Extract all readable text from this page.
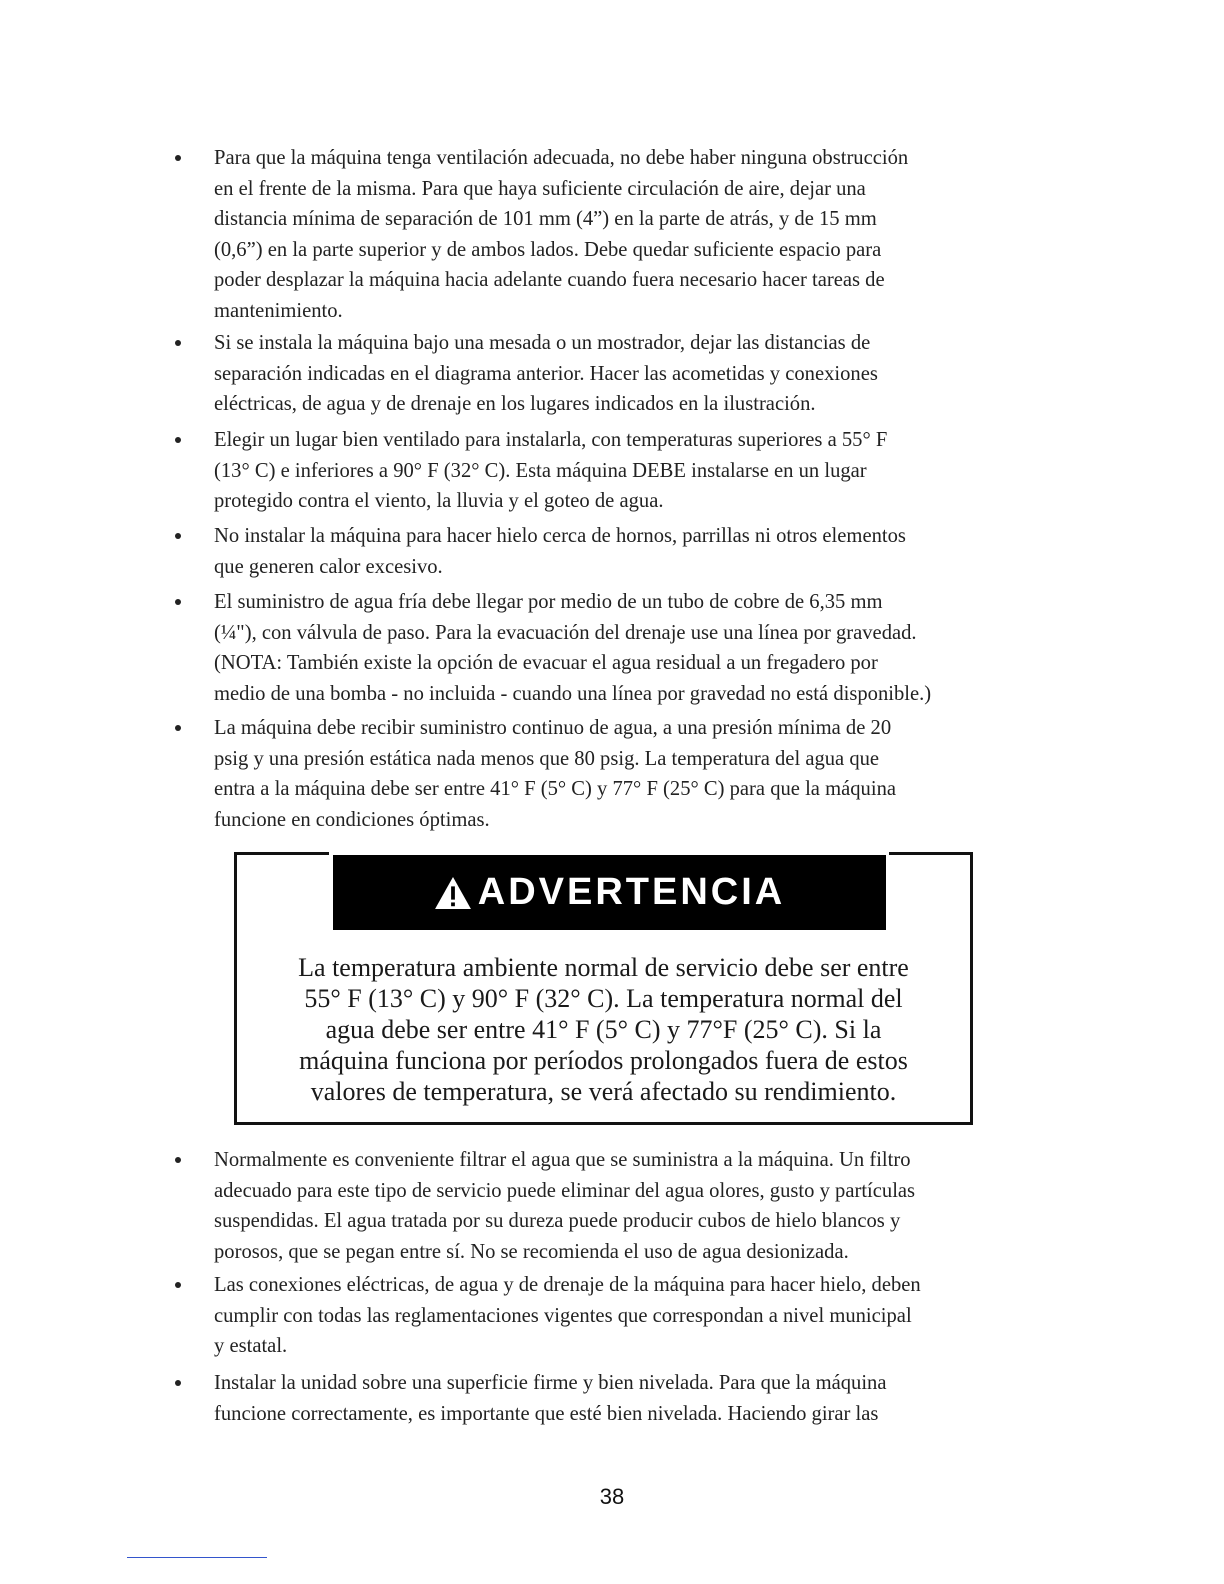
Para que la máquina tenga ventilación adecuada, no debe haber ninguna obstrucción
en el frente de la misma. Para que haya suficiente circulación de aire, dejar una
distancia mínima de separación de 101 mm (4”) en la parte de atrás, y de 15 mm
(0,6”) en la parte superior y de ambos lados. Debe quedar suficiente espacio para
poder desplazar la máquina hacia adelante cuando fuera necesario hacer tareas de
mantenimiento.
Si se instala la máquina bajo una mesada o un mostrador, dejar las distancias de
separación indicadas en el diagrama anterior. Hacer las acometidas y conexiones
eléctricas, de agua y de drenaje en los lugares indicados en la ilustración.
Elegir un lugar bien ventilado para instalarla, con temperaturas superiores a 55° F
(13° C) e inferiores a 90° F (32° C). Esta máquina DEBE instalarse en un lugar
protegido contra el viento, la lluvia y el goteo de agua.
No instalar la máquina para hacer hielo cerca de hornos, parrillas ni otros elementos
que generen calor excesivo.
El suministro de agua fría debe llegar por medio de un tubo de cobre de 6,35 mm
(¼"), con válvula de paso. Para la evacuación del drenaje use una línea por gravedad.
(NOTA: También existe la opción de evacuar el agua residual a un fregadero por
medio de una bomba - no incluida - cuando una línea por gravedad no está disponible.)
La máquina debe recibir suministro continuo de agua, a una presión mínima de 20
psig y una presión estática nada menos que 80 psig. La temperatura del agua que
entra a la máquina debe ser entre 41° F (5° C) y 77° F (25° C) para que la máquina
funcione en condiciones óptimas.
ADVERTENCIA
La temperatura ambiente normal de servicio debe ser entre
55° F (13° C) y 90° F (32° C). La temperatura normal del
agua debe ser entre 41° F (5° C) y 77°F (25° C). Si la
máquina funciona por períodos prolongados fuera de estos
valores de temperatura, se verá afectado su rendimiento.
Normalmente es conveniente filtrar el agua que se suministra a la máquina. Un filtro
adecuado para este tipo de servicio puede eliminar del agua olores, gusto y partículas
suspendidas. El agua tratada por su dureza puede producir cubos de hielo blancos y
porosos, que se pegan entre sí. No se recomienda el uso de agua desionizada.
Las conexiones eléctricas, de agua y de drenaje de la máquina para hacer hielo, deben
cumplir con todas las reglamentaciones vigentes que correspondan a nivel municipal
y estatal.
Instalar la unidad sobre una superficie firme y bien nivelada. Para que la máquina
funcione correctamente, es importante que esté bien nivelada. Haciendo girar las
38
